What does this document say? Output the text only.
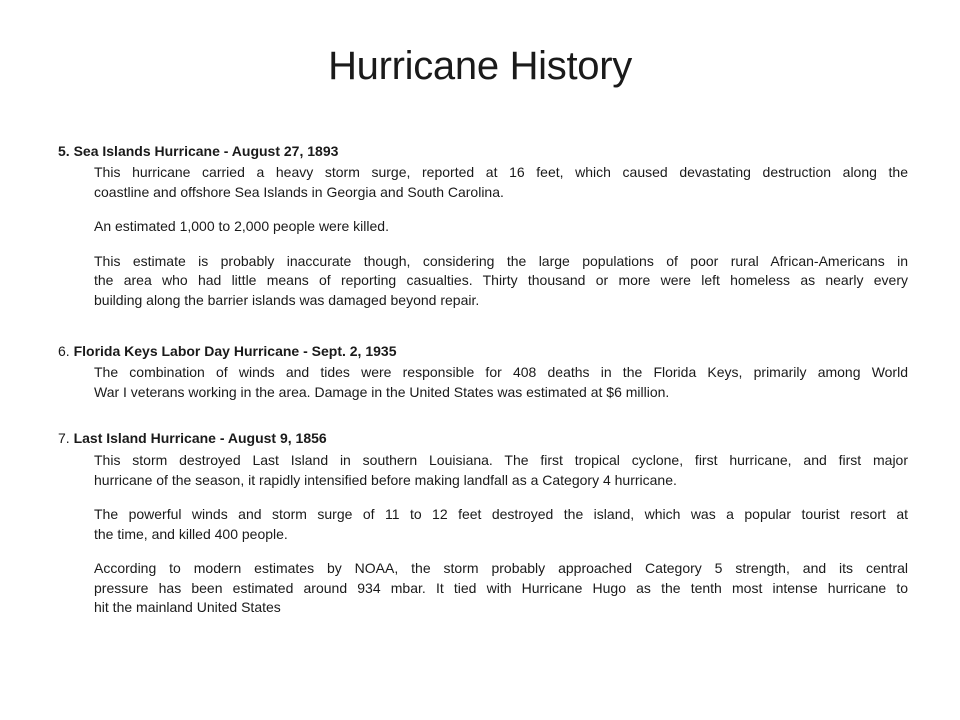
Hurricane History

5. Sea Islands Hurricane - August 27, 1893

This hurricane carried a heavy storm surge, reported at 16 feet, which caused devastating destruction along the
coastline and offshore Sea Islands in Georgia and South Carolina.
An estimated 1,000 to 2,000 people were killed.
This estimate is probably inaccurate though, considering the large populations of poor rural African-Americans in
the area who had little means of reporting casualties. Thirty thousand or more were left homeless as nearly every
building along the barrier islands was damaged beyond repair.

6. Florida Keys Labor Day Hurricane - Sept. 2, 1935

The combination of winds and tides were responsible for 408 deaths in the Florida Keys, primarily among World
War I veterans working in the area. Damage in the United States was estimated at $6 million.

7. Last Island Hurricane - August 9, 1856

This storm destroyed Last Island in southern Louisiana. The first tropical cyclone, first hurricane, and first major
hurricane of the season, it rapidly intensified before making landfall as a Category 4 hurricane.
The powerful winds and storm surge of 11 to 12 feet destroyed the island, which was a popular tourist resort at
the time, and killed 400 people.
According to modern estimates by NOAA, the storm probably approached Category 5 strength, and its central
pressure has been estimated around 934 mbar. It tied with Hurricane Hugo as the tenth most intense hurricane to
hit the mainland United States
